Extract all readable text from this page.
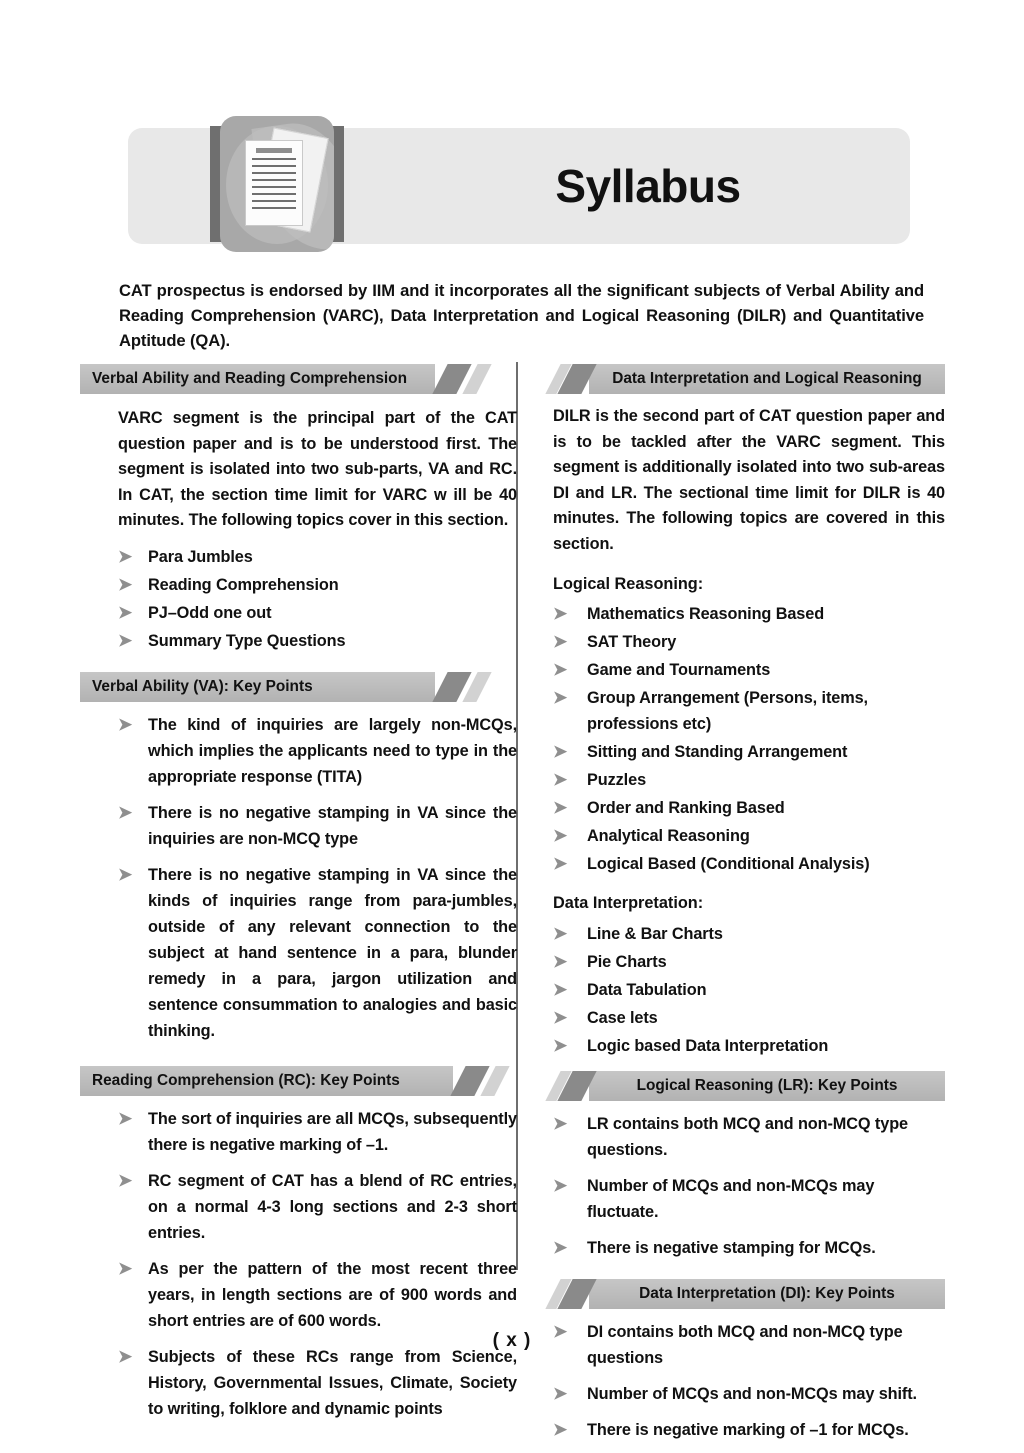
Syllabus
CAT prospectus is endorsed by IIM and it incorporates all the significant subjects of Verbal Ability and Reading Comprehension (VARC), Data Interpretation and Logical Reasoning (DILR) and Quantitative Aptitude (QA).
Verbal Ability and Reading Comprehension
VARC segment is the principal part of the CAT question paper and is to be understood first. The segment is isolated into two sub-parts, VA and RC. In CAT, the section time limit for VARC w ill be 40 minutes. The following topics cover in this section.
➤ Para Jumbles
➤ Reading Comprehension
➤ PJ–Odd one out
➤ Summary Type Questions
Verbal Ability (VA): Key Points
➤ The kind of inquiries are largely non-MCQs, which implies the applicants need to type in the appropriate response (TITA)
➤ There is no negative stamping in VA since the inquiries are non-MCQ type
➤ There is no negative stamping in VA since the kinds of inquiries range from para-jumbles, outside of any relevant connection to the subject at hand sentence in a para, blunder remedy in a para, jargon utilization and sentence consummation to analogies and basic thinking.
Reading Comprehension (RC): Key Points
➤ The sort of inquiries are all MCQs, subsequently there is negative marking of –1.
➤ RC segment of CAT has a blend of RC entries, on a normal 4-3 long sections and 2-3 short entries.
➤ As per the pattern of the most recent three years, in length sections are of 900 words and short entries are of 600 words.
➤ Subjects of these RCs range from Science, History, Governmental Issues, Climate, Society to writing, folklore and dynamic points
Data Interpretation and Logical Reasoning
DILR is the second part of CAT question paper and is to be tackled after the VARC segment. This segment is additionally isolated into two sub-areas DI and LR. The sectional time limit for DILR is 40 minutes. The following topics are covered in this section.
Logical Reasoning:
➤ Mathematics Reasoning Based
➤ SAT Theory
➤ Game and Tournaments
➤ Group Arrangement (Persons, items, professions etc)
➤ Sitting and Standing Arrangement
➤ Puzzles
➤ Order and Ranking Based
➤ Analytical Reasoning
➤ Logical Based (Conditional Analysis)
Data Interpretation:
➤ Line & Bar Charts
➤ Pie Charts
➤ Data Tabulation
➤ Case lets
➤ Logic based Data Interpretation
Logical Reasoning (LR): Key Points
➤ LR contains both MCQ and non-MCQ type questions.
➤ Number of MCQs and non-MCQs may fluctuate.
➤ There is negative stamping for MCQs.
Data Interpretation (DI): Key Points
➤ DI contains both MCQ and non-MCQ type questions
➤ Number of MCQs and non-MCQs may shift.
➤ There is negative marking of –1 for MCQs.
( x )
